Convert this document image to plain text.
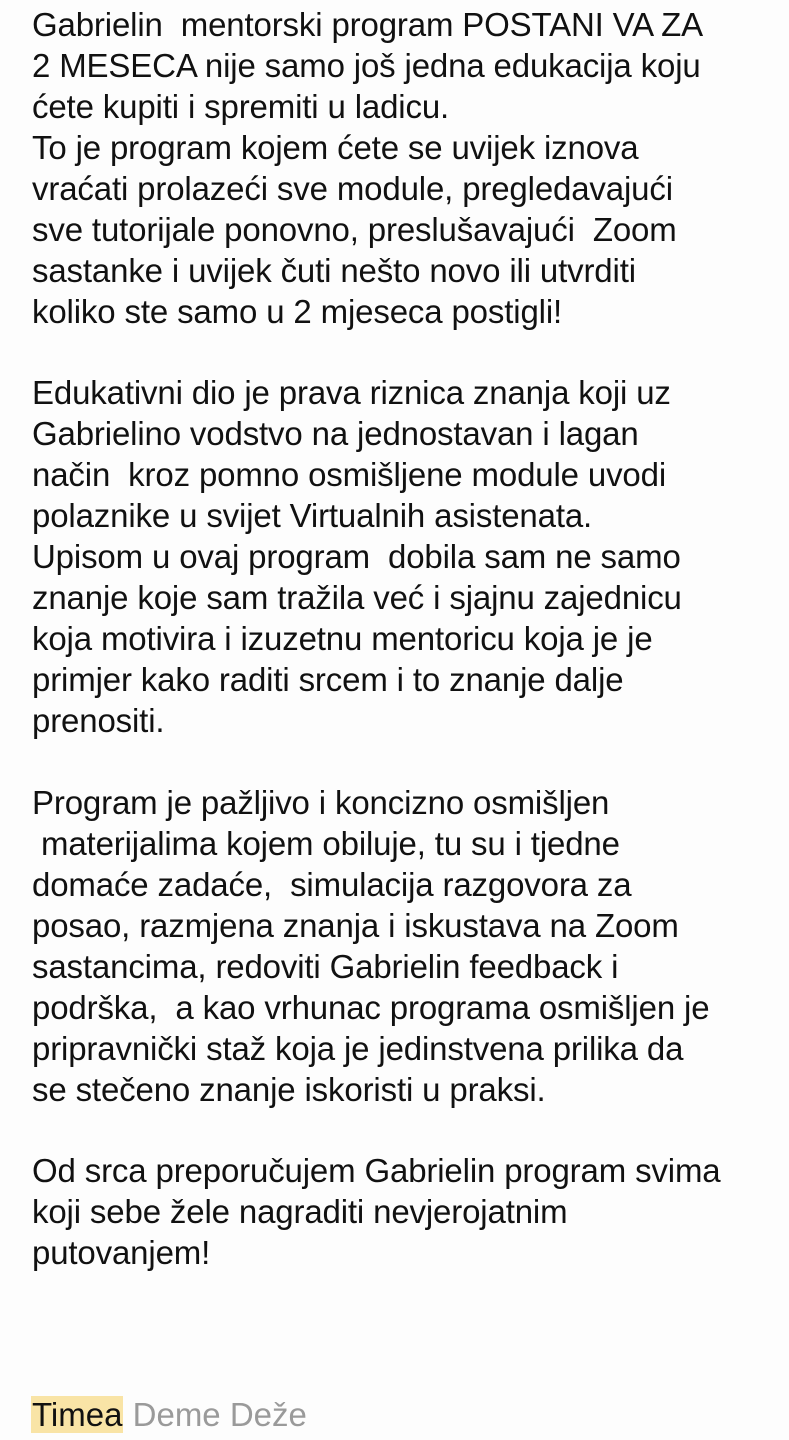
Gabrielin  mentorski program POSTANI VA ZA
2 MESECA nije samo još jedna edukacija koju
ćete kupiti i spremiti u ladicu.
To je program kojem ćete se uvijek iznova
vraćati prolazeći sve module, pregledavajući
sve tutorijale ponovno, preslušavajući  Zoom
sastanke i uvijek čuti nešto novo ili utvrditi
koliko ste samo u 2 mjeseca postigli!
Edukativni dio je prava riznica znanja koji uz
Gabrielino vodstvo na jednostavan i lagan
način  kroz pomno osmišljene module uvodi
polaznike u svijet Virtualnih asistenata.
Upisom u ovaj program  dobila sam ne samo
znanje koje sam tražila već i sjajnu zajednicu
koja motivira i izuzetnu mentoricu koja je je
primjer kako raditi srcem i to znanje dalje
prenositi.
Program je pažljivo i koncizno osmišljen
materijalima kojem obiluje, tu su i tjedne
domaće zadaće,  simulacija razgovora za
posao, razmjena znanja i iskustava na Zoom
sastancima, redoviti Gabrielin feedback i
podrška,  a kao vrhunac programa osmišljen je
pripravnički staž koja je jedinstvena prilika da
se stečeno znanje iskoristi u praksi.
Od srca preporučujem Gabrielin program svima
koji sebe žele nagraditi nevjerojatnim
putovanjem!
Timea Deme Deže
